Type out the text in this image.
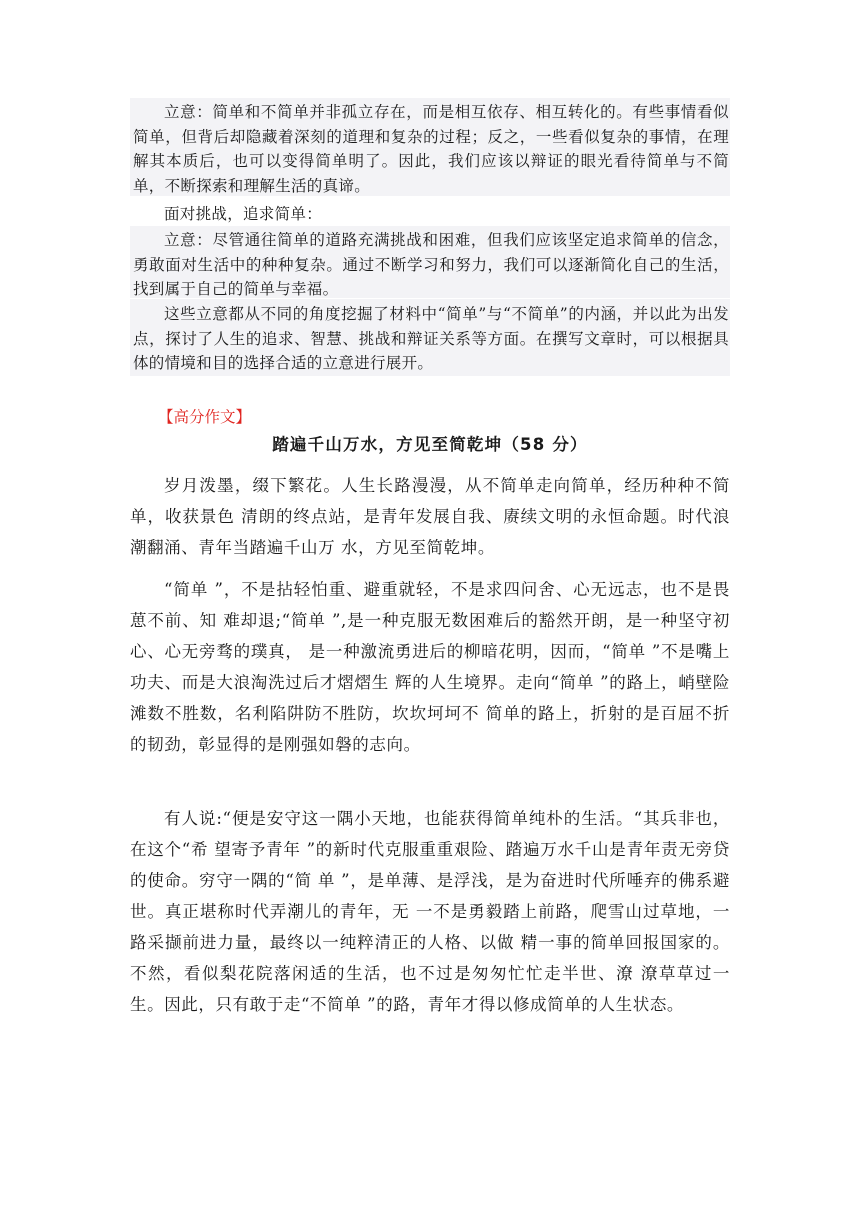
立意：简单和不简单并非孤立存在，而是相互依存、相互转化的。有些事情看似简单，但背后却隐藏着深刻的道理和复杂的过程；反之，一些看似复杂的事情，在理解其本质后，也可以变得简单明了。因此，我们应该以辩证的眼光看待简单与不简单，不断探索和理解生活的真谛。

面对挑战，追求简单：

立意：尽管通往简单的道路充满挑战和困难，但我们应该坚定追求简单的信念，勇敢面对生活中的种种复杂。通过不断学习和努力，我们可以逐渐简化自己的生活，找到属于自己的简单与幸福。

这些立意都从不同的角度挖掘了材料中“简单”与“不简单”的内涵，并以此为出发点，探讨了人生的追求、智慧、挑战和辩证关系等方面。在撰写文章时，可以根据具体的情境和目的选择合适的立意进行展开。

【高分作文】

踏遍千山万水，方见至简乾坤（58 分）

岁月泼墨，缀下繁花。人生长路漫漫，从不简单走向简单，经历种种不简单，收获景色 清朗的终点站，是青年发展自我、赓续文明的永恒命题。时代浪潮翻涌、青年当踏遍千山万 水，方见至简乾坤。

“简单 ”，不是拈轻怕重、避重就轻，不是求四问舍、心无远志，也不是畏葸不前、知 难却退;“简单 ”,是一种克服无数困难后的豁然开朗，是一种坚守初心、心无旁骛的璞真， 是一种激流勇进后的柳暗花明，因而，“简单 ”不是嘴上功夫、而是大浪淘洗过后才熠熠生 辉的人生境界。走向“简单 ”的路上，峭壁险滩数不胜数，名利陷阱防不胜防，坎坎坷坷不 简单的路上，折射的是百屈不折的韧劲，彰显得的是刚强如磐的志向。

有人说:“便是安守这一隅小天地，也能获得简单纯朴的生活。“其兵非也，在这个“希 望寄予青年 ”的新时代克服重重艰险、踏遍万水千山是青年责无旁贷的使命。穷守一隅的“简 单 ”，是单薄、是浮浅，是为奋进时代所唾弃的佛系避世。真正堪称时代弄潮儿的青年，无 一不是勇毅踏上前路，爬雪山过草地，一路采撷前进力量，最终以一纯粹清正的人格、以做 精一事的简单回报国家的。不然，看似梨花院落闲适的生活，也不过是匆匆忙忙走半世、潦 潦草草过一生。因此，只有敢于走“不简单 ”的路，青年才得以修成简单的人生状态。
